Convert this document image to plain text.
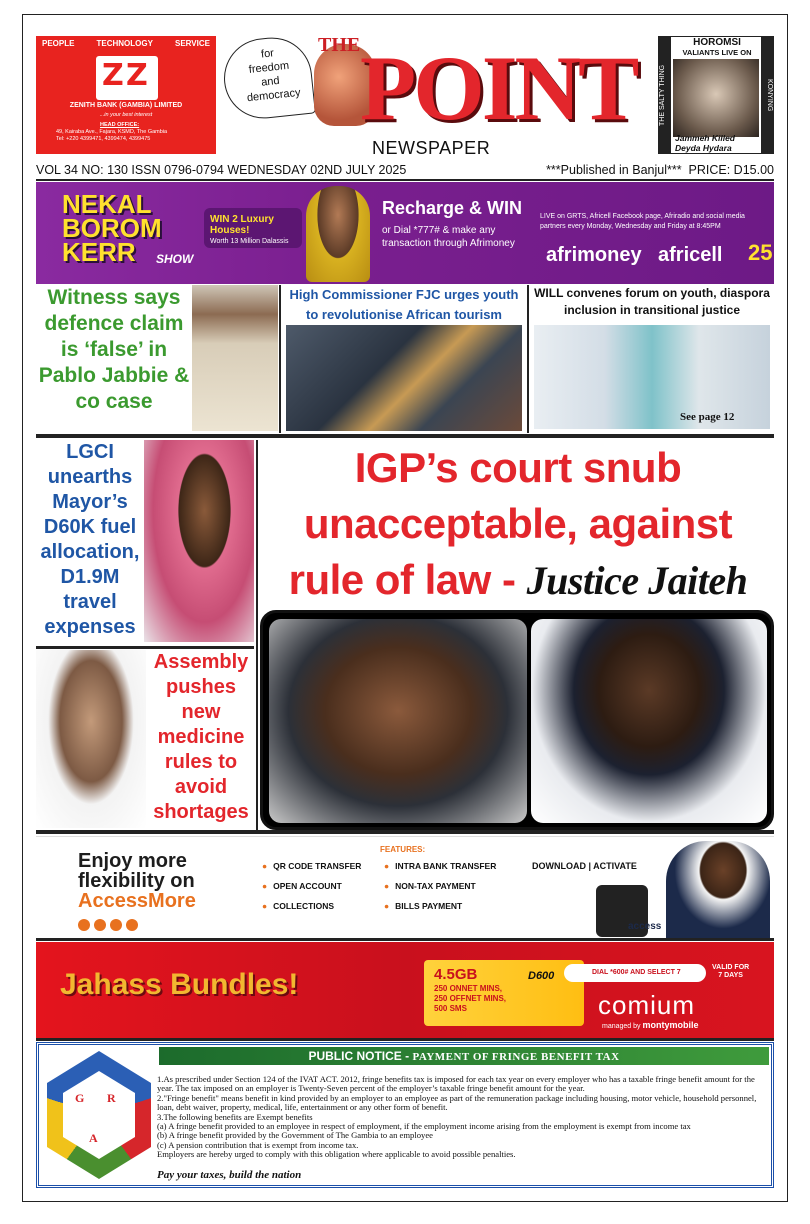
PEOPLE	TECHNOLOGY	SERVICE
Z Z
ZENITH BANK (GAMBIA) LIMITED
...in your best interest
HEAD OFFICE:
49, Kairaba Ave., Fajara, KSMD, The Gambia
Tel: +220 4399471, 4399474, 4399475
for freedom and democracy
THE POINT
NEWSPAPER
THE SALTY THING
HOROMSI
VALIANTS LIVE ON
Jammeh Killed
Deyda Hydara
KONYING
VOL 34 NO: 130 ISSN 0796-0794 WEDNESDAY 02ND JULY 2025	***Published in Banjul*** PRICE: D15.00
NEKAL
BOROM
KERR	SHOW
WIN 2 Luxury Houses!
Worth 13 Million Dalassis
Recharge & WIN
or Dial *777# & make any transaction through Afrimoney
LIVE on GRTS, Africell Facebook page, Afriradio and social media partners every Monday, Wednesday and Friday at 8:45PM
afrimoney africell 25
Witness says defence claim is ‘false’ in Pablo Jabbie & co case
High Commissioner FJC urges youth to revolutionise African tourism
WILL convenes forum on youth, diaspora inclusion in transitional justice
See page 12
LGCI unearths Mayor’s D60K fuel allocation, D1.9M travel expenses
Assembly pushes new medicine rules to avoid shortages
IGP’s court snub unacceptable, against rule of law - Justice Jaiteh
Enjoy more
flexibility on
AccessMore
FEATURES:
● QR CODE TRANSFER	● INTRA BANK TRANSFER
● OPEN ACCOUNT	● NON-TAX PAYMENT
● COLLECTIONS	● BILLS PAYMENT
DOWNLOAD | ACTIVATE
access
Jahass Bundles!	4.5GB	D600
250 ONNET MINS,
250 OFFNET MINS,
500 SMS
DIAL *600# AND SELECT 7
VALID FOR
7 DAYS
comium
managed by montymobile
G R
A
PUBLIC NOTICE - PAYMENT OF FRINGE BENEFIT TAX

1.As prescribed under Section 124 of the IVAT ACT. 2012, fringe benefits tax is imposed for each tax year on every employer who has a taxable fringe benefit amount for the year. The tax imposed on an employer is Twenty-Seven percent of the employer’s taxable fringe benefit amount for the year.

2."Fringe benefit" means benefit in kind provided by an employer to an employee as part of the remuneration package including housing, motor vehicle, household personnel, loan, debt waiver, property, medical, life, entertainment or any other form of benefit.

3.The following benefits are Exempt benefits

(a) A fringe benefit provided to an employee in respect of employment, if the employment income arising from the employment is exempt from income tax

(b) A fringe benefit provided by the Government of The Gambia to an employee

(c) A pension contribution that is exempt from income tax.

Employers are hereby urged to comply with this obligation where applicable to avoid possible penalties.

Pay your taxes, build the nation
